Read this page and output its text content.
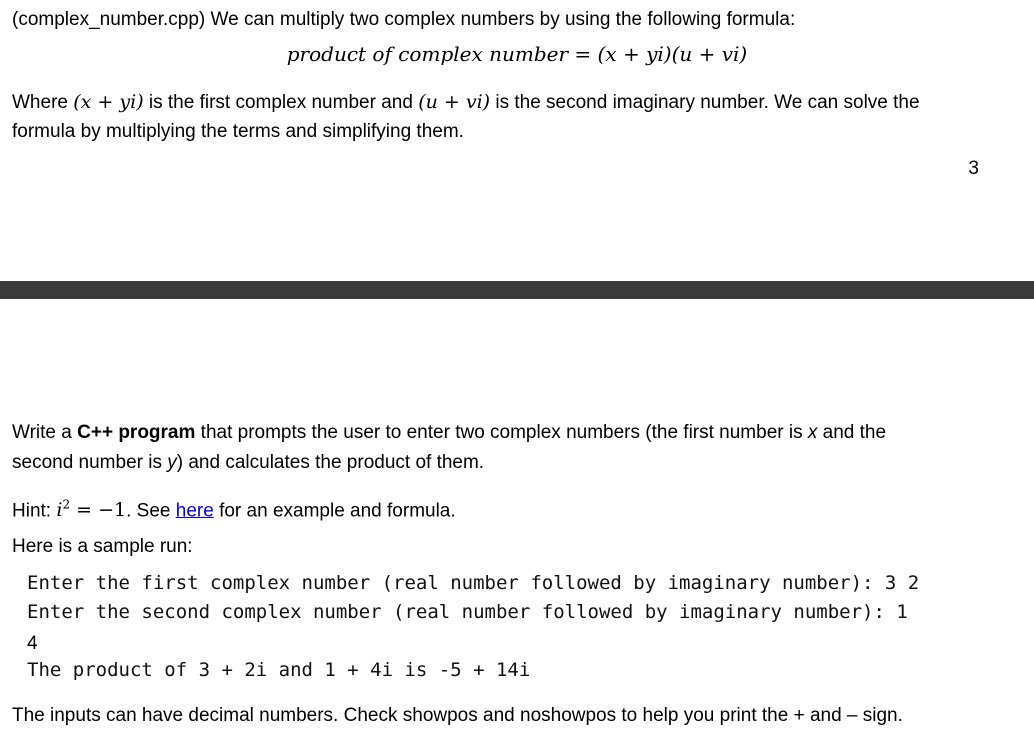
(complex_number.cpp) We can multiply two complex numbers by using the following formula:
product of complex number = (x + yi)(u + vi)
Where (x + yi) is the first complex number and (u + vi) is the second imaginary number. We can solve the
formula by multiplying the terms and simplifying them.
3
Write a C++ program that prompts the user to enter two complex numbers (the first number is x and the
second number is y) and calculates the product of them.
Hint: $i^2 = -1$. See here for an example and formula.
Here is a sample run:
Enter the first complex number (real number followed by imaginary number): 3 2
Enter the second complex number (real number followed by imaginary number): 1
4
The product of 3 + 2i and 1 + 4i is -5 + 14i
The inputs can have decimal numbers. Check showpos and noshowpos to help you print the + and – sign.
